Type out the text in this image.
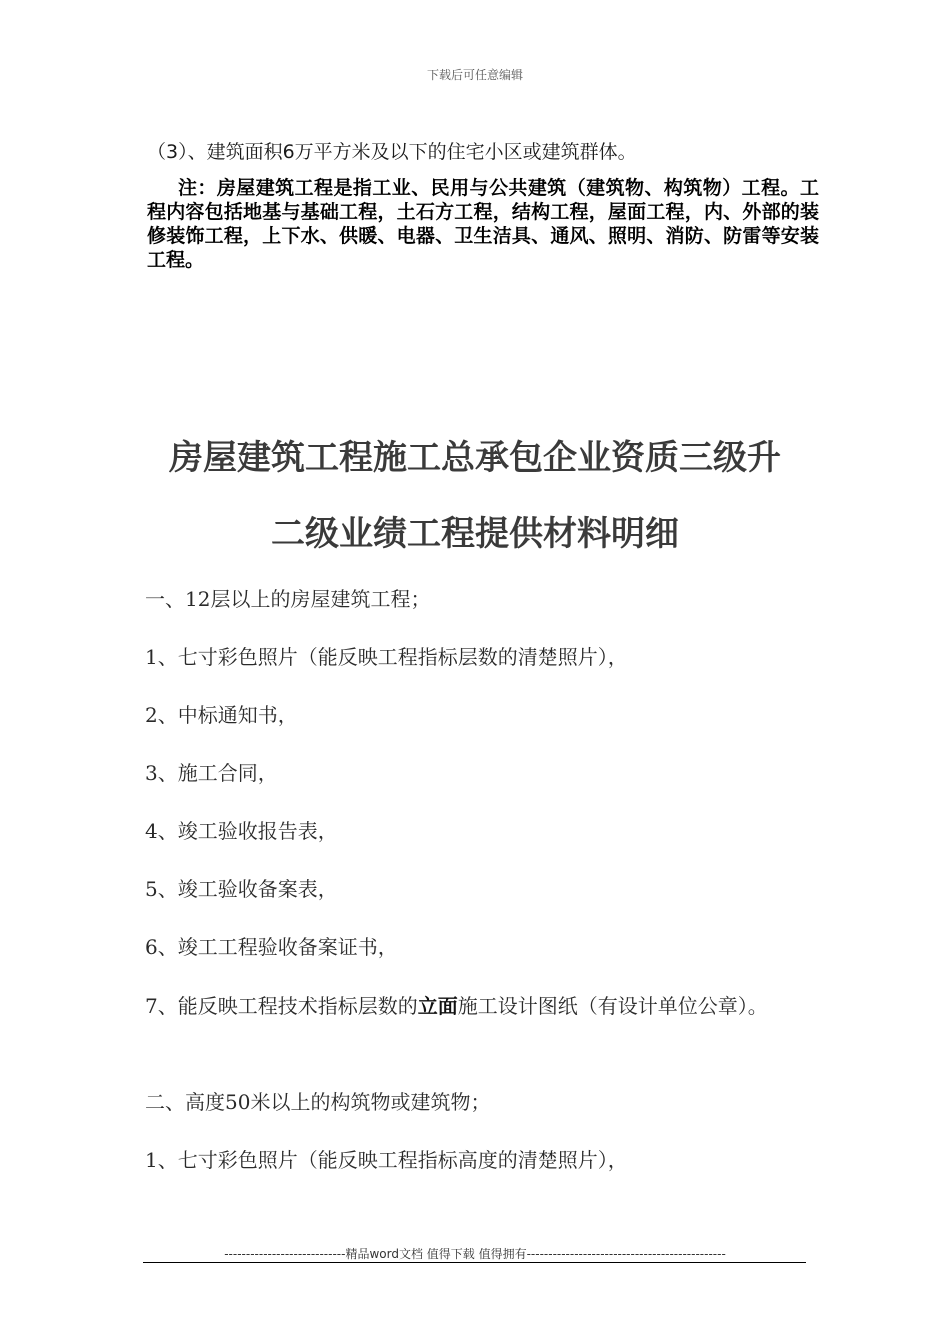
下载后可任意编辑
（3）、建筑面积6万平方米及以下的住宅小区或建筑群体。
注：房屋建筑工程是指工业、民用与公共建筑（建筑物、构筑物）工程。工程内容包括地基与基础工程，土石方工程，结构工程，屋面工程，内、外部的装修装饰工程，上下水、供暖、电器、卫生洁具、通风、照明、消防、防雷等安装工程。
房屋建筑工程施工总承包企业资质三级升
二级业绩工程提供材料明细
一、12层以上的房屋建筑工程；
1、七寸彩色照片（能反映工程指标层数的清楚照片），
2、中标通知书，
3、施工合同，
4、竣工验收报告表，
5、竣工验收备案表，
6、竣工工程验收备案证书，
7、能反映工程技术指标层数的立面施工设计图纸（有设计单位公章）。
二、高度50米以上的构筑物或建筑物；
1、七寸彩色照片（能反映工程指标高度的清楚照片），
----------------------------精品word文档 值得下载 值得拥有----------------------------------------------
